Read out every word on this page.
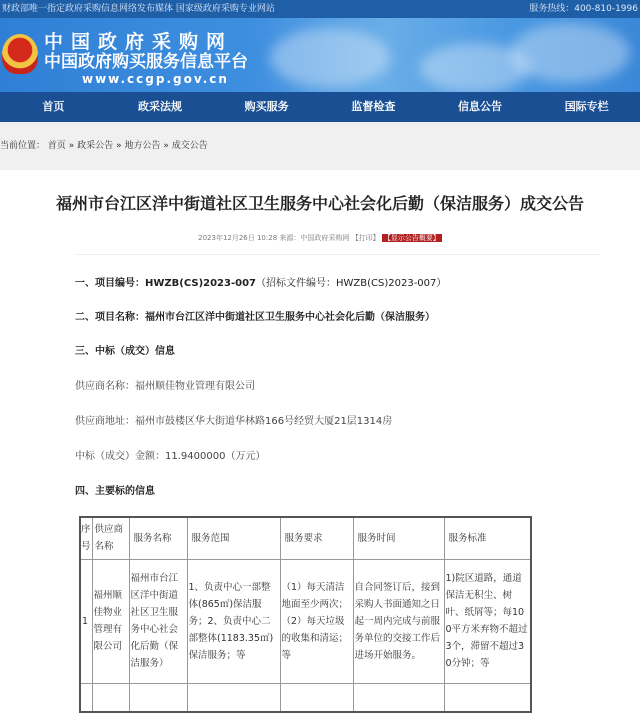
财政部唯一指定政府采购信息网络发布媒体 国家级政府采购专业网站	服务热线：400-810-1996
中国政府采购网
中国政府购买服务信息平台
www.ccgp.gov.cn
首页	政采法规	购买服务	监督检查	信息公告	国际专栏
当前位置： 首页 » 政采公告 » 地方公告 » 成交公告
福州市台江区洋中街道社区卫生服务中心社会化后勤（保洁服务）成交公告
2023年12月26日 10:28 来源：中国政府采购网 【打印】 【显示公告概要】
一、项目编号：HWZB(CS)2023-007（招标文件编号：HWZB(CS)2023-007）
二、项目名称：福州市台江区洋中街道社区卫生服务中心社会化后勤（保洁服务）
三、中标（成交）信息
供应商名称：福州顺佳物业管理有限公司
供应商地址：福州市鼓楼区华大街道华林路166号经贸大厦21层1314房
中标（成交）金额：11.9400000（万元）
四、主要标的信息
序号	供应商名称	服务名称	服务范围	服务要求	服务时间	服务标准
1	福州顺佳物业管理有限公司	福州市台江区洋中街道社区卫生服务中心社会化后勤（保洁服务）	1、负责中心一部整体(865㎡)保洁服务；2、负责中心二部整体(1183.35㎡)保洁服务；等	（1）每天清洁地面至少两次；（2）每天垃圾的收集和清运；等	自合同签订后，接到采购人书面通知之日起一周内完成与前服务单位的交接工作后进场开始服务。	1)院区道路，通道保洁无积尘、树叶、纸屑等；每100平方米弃物不超过3个，滞留不超过30分钟；等
